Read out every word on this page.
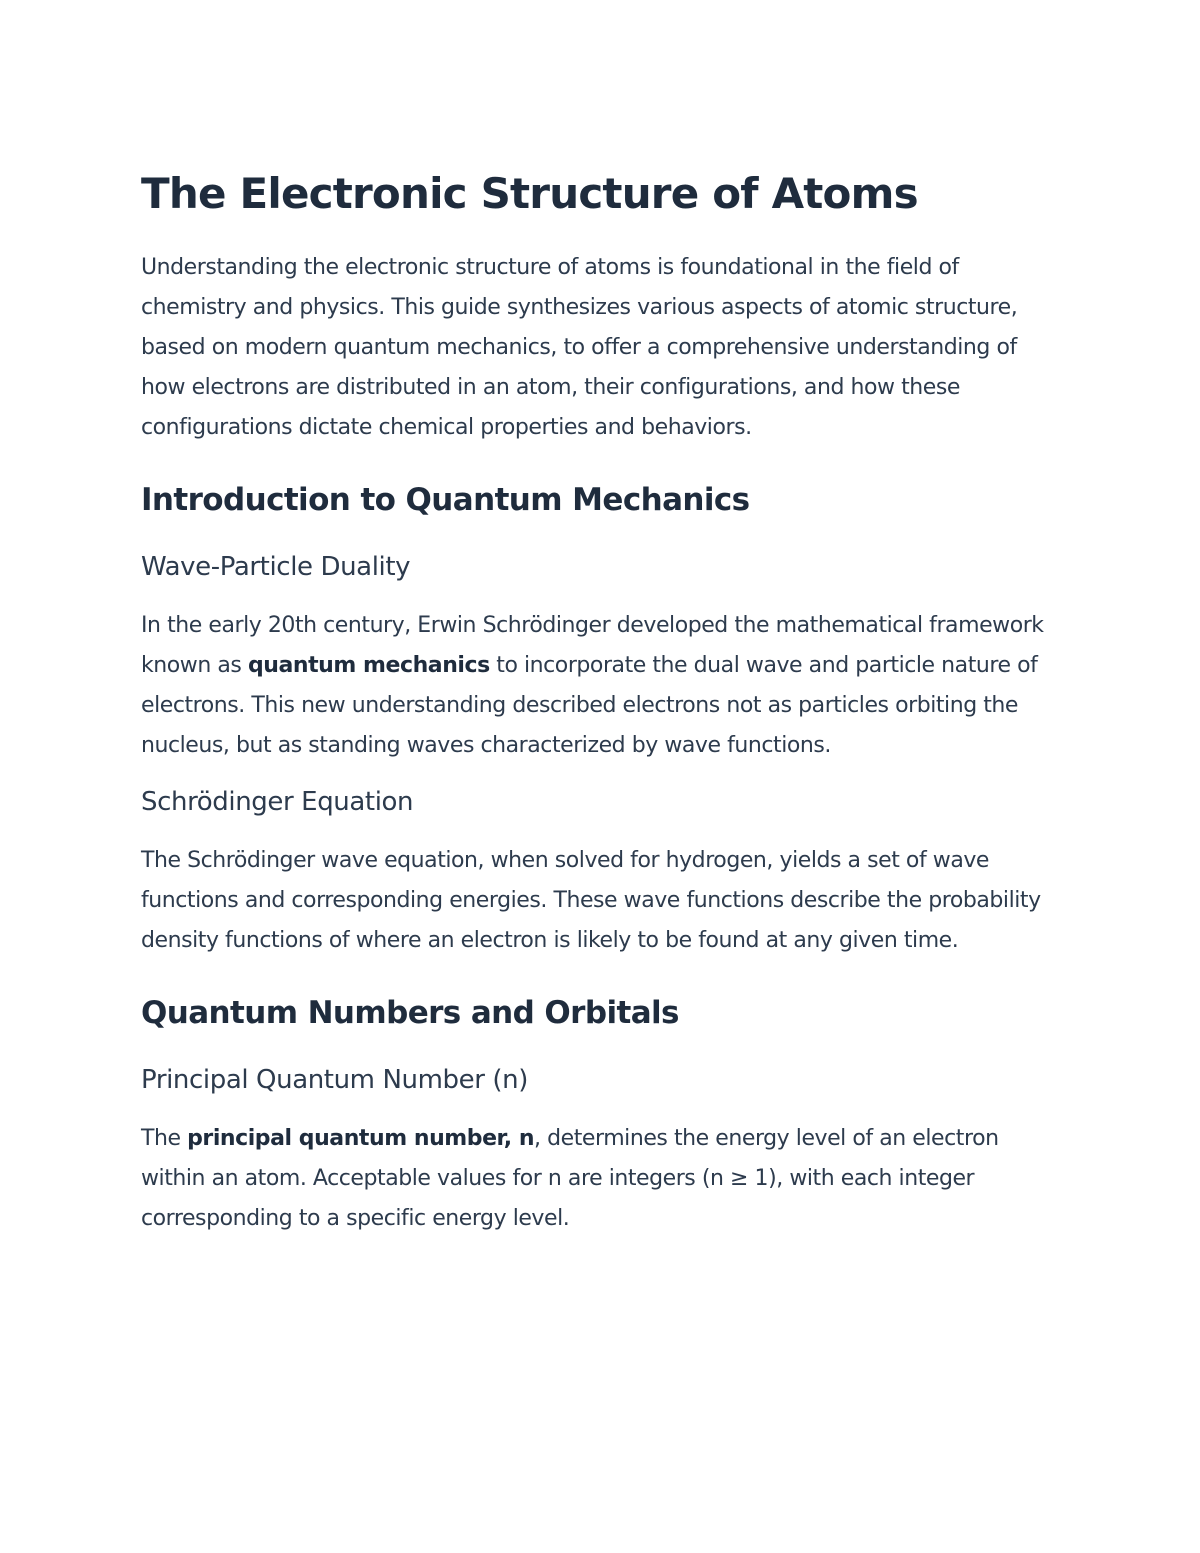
The Electronic Structure of Atoms

Understanding the electronic structure of atoms is foundational in the field of chemistry and physics. This guide synthesizes various aspects of atomic structure, based on modern quantum mechanics, to offer a comprehensive understanding of how electrons are distributed in an atom, their configurations, and how these configurations dictate chemical properties and behaviors.

Introduction to Quantum Mechanics
Wave-Particle Duality

In the early 20th century, Erwin Schrödinger developed the mathematical framework known as quantum mechanics to incorporate the dual wave and particle nature of electrons. This new understanding described electrons not as particles orbiting the nucleus, but as standing waves characterized by wave functions.

Schrödinger Equation

The Schrödinger wave equation, when solved for hydrogen, yields a set of wave functions and corresponding energies. These wave functions describe the probability density functions of where an electron is likely to be found at any given time.

Quantum Numbers and Orbitals
Principal Quantum Number (n)

The principal quantum number, n, determines the energy level of an electron within an atom. Acceptable values for n are integers (n ≥ 1), with each integer corresponding to a specific energy level.
